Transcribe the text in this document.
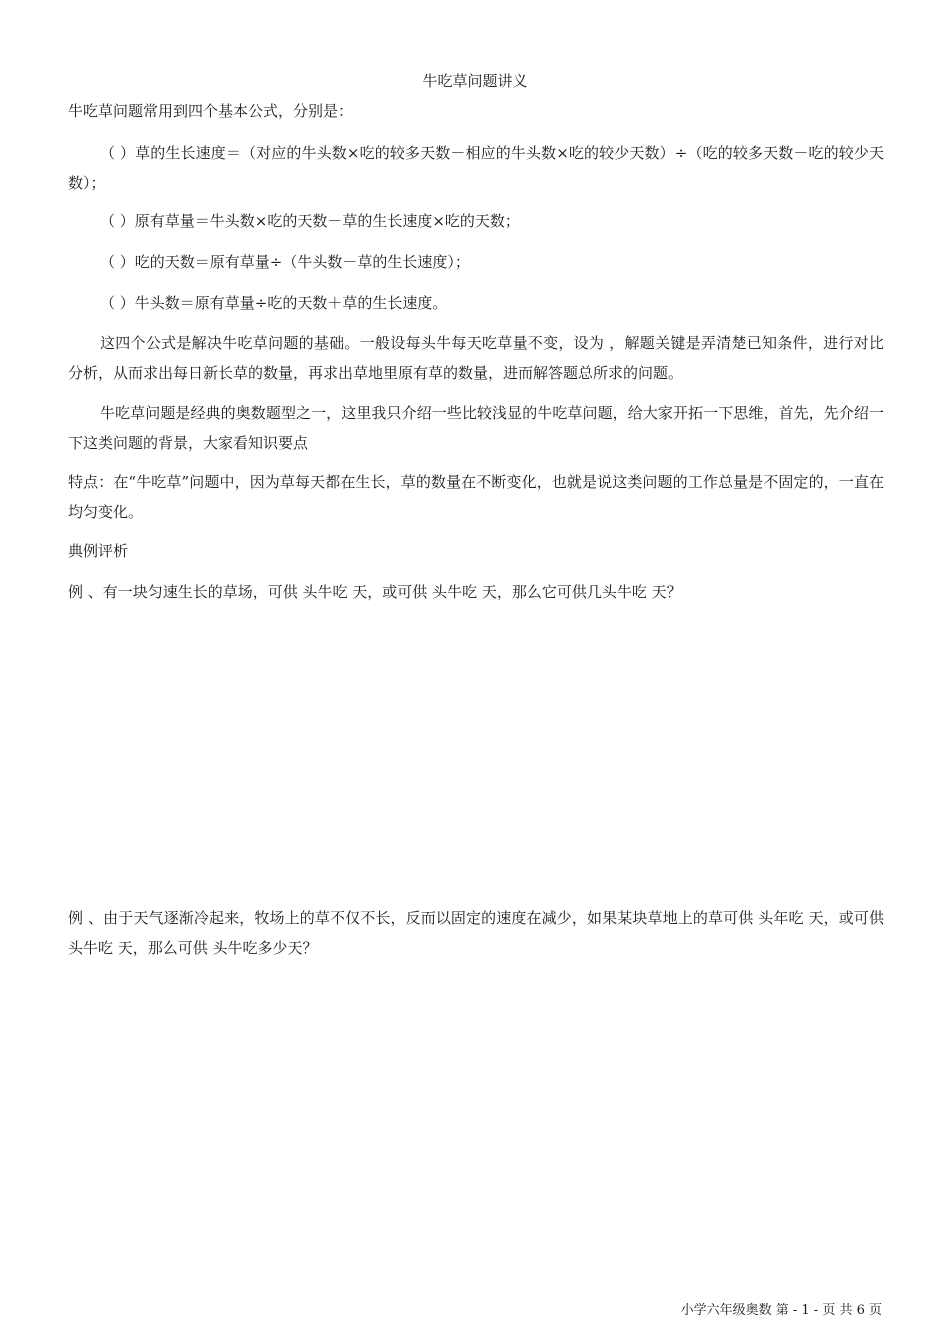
牛吃草问题讲义

牛吃草问题常用到四个基本公式，分别是：

（ ）草的生长速度＝（对应的牛头数×吃的较多天数－相应的牛头数×吃的较少天数）÷（吃的较多天数－吃的较少天数）；

（ ）原有草量＝牛头数×吃的天数－草的生长速度×吃的天数；

（ ）吃的天数＝原有草量÷（牛头数－草的生长速度）；

（ ）牛头数＝原有草量÷吃的天数＋草的生长速度。

这四个公式是解决牛吃草问题的基础。一般设每头牛每天吃草量不变，设为 ，解题关键是弄清楚已知条件，进行对比分析，从而求出每日新长草的数量，再求出草地里原有草的数量，进而解答题总所求的问题。

牛吃草问题是经典的奥数题型之一，这里我只介绍一些比较浅显的牛吃草问题，给大家开拓一下思维，首先，先介绍一下这类问题的背景，大家看知识要点

特点：在“牛吃草”问题中，因为草每天都在生长，草的数量在不断变化，也就是说这类问题的工作总量是不固定的，一直在均匀变化。

典例评析

例 、有一块匀速生长的草场，可供 头牛吃 天，或可供 头牛吃 天，那么它可供几头牛吃 天？

例 、由于天气逐渐冷起来，牧场上的草不仅不长，反而以固定的速度在减少，如果某块草地上的草可供 头年吃 天，或可供 头牛吃 天，那么可供 头牛吃多少天？

小学六年级奥数 第 - 1 - 页 共 6 页
